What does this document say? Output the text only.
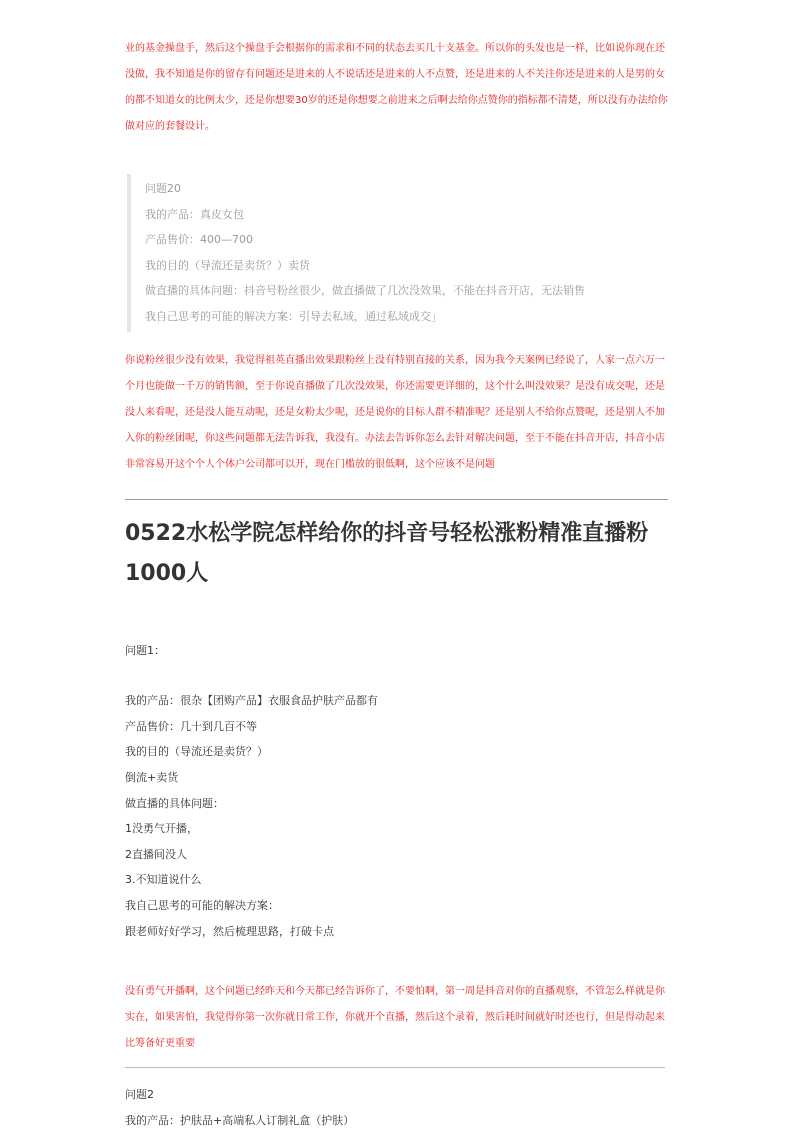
业的基金操盘手，然后这个操盘手会根据你的需求和不同的状态去买几十支基金。所以你的头发也是一样，比如说你现在还没做，我不知道是你的留存有问题还是进来的人不说话还是进来的人不点赞，还是进来的人不关注你还是进来的人是男的女的都不知道女的比例太少，还是你想要30岁的还是你想要之前进来之后啊去给你点赞你的指标都不清楚，所以没有办法给你做对应的套餐设计。

问题20
我的产品：真皮女包
产品售价：400—700
我的目的（导流还是卖货？）卖货
做直播的具体问题：抖音号粉丝很少，做直播做了几次没效果，不能在抖音开店，无法销售
我自己思考的可能的解决方案：引导去私域，通过私域成交」

你说粉丝很少没有效果，我觉得祖英直播出效果跟粉丝上没有特别直接的关系，因为我今天案例已经说了，人家一点六万一个月也能做一千万的销售额，至于你说直播做了几次没效果，你还需要更详细的，这个什么叫没效果？是没有成交呢，还是没人来看呢，还是没人能互动呢，还是女粉太少呢，还是说你的目标人群不精准呢？还是别人不给你点赞呢，还是别人不加入你的粉丝团呢，你这些问题都无法告诉我，我没有。办法去告诉你怎么去针对解决问题，至于不能在抖音开店，抖音小店非常容易开这个个人个体户公司都可以开，现在门槛放的很低啊，这个应该不是问题

0522水松学院怎样给你的抖音号轻松涨粉精准直播粉1000人
问题1：
我的产品：很杂【团购产品】衣服食品护肤产品都有
产品售价：几十到几百不等
我的目的（导流还是卖货？）
倒流+卖货
做直播的具体问题：
1没勇气开播，
2直播间没人
3.不知道说什么
我自己思考的可能的解决方案：
跟老师好好学习，然后梳理思路，打破卡点

没有勇气开播啊，这个问题已经昨天和今天都已经告诉你了，不要怕啊，第一周是抖音对你的直播观察，不管怎么样就是你实在，如果害怕，我觉得你第一次你就日常工作，你就开个直播，然后这个录着，然后耗时间就好时还也行，但是得动起来比筹备好更重要

问题2
我的产品：护肤品+高端私人订制礼盒（护肤）
